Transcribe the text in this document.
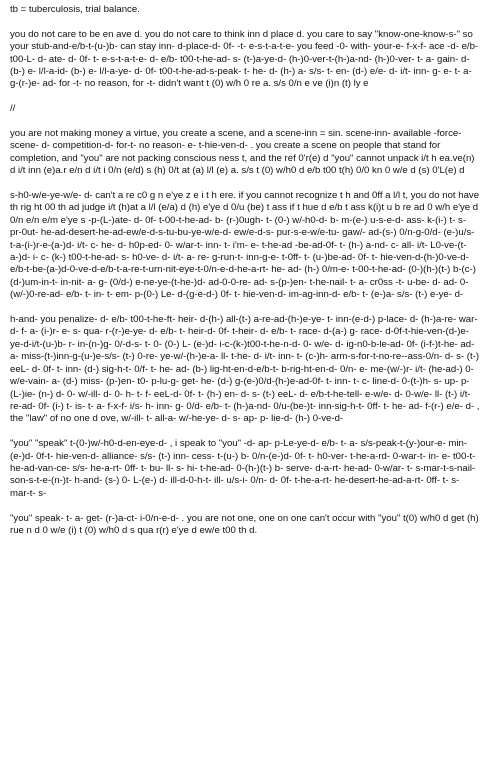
tb = tuberculosis, trial balance.

you do not care to be en ave d. you do not care to think inn d place d. you care to say "know-one-know-s-" so your stub-and-e/b-t-(u-)b- can stay inn- d-place-d- 0f- -t- e-s-t-a-t-e- you feed -0- with- your-e- f-x-f- ace -d- e/b- t00-L- d- ate- d- 0f- t- e-s-t-a-t-e- d- e/b- t00-t-he-ad- s- (t-)a-ye-d- (h-)0-ver-t-(h-)a-nd- (h-)0-ver- t- a- gain- d- (b-) e- l/l-a-id- (b-) e- l/l-a-ye- d- 0f- t00-t-he-ad-s-peak- t- he- d- (h-) a- s/s- t- en- (d-) e/e- d- i/t- inn- g- e- t- a- g-(r-)e- ad- for -t- no reason, for -t- didn't want t (0) w/h 0 re a. s/s 0/n e ve (i)n (t) ly e

//

you are not making money a virtue, you create a scene, and a scene-inn = sin. scene-inn- available -force-scene- d- competition-d- for-t- no reason- e- t-hie-ven-d- . you create a scene on people that stand for completion, and "you" are not packing conscious ness t, and the ref 0'r(e) d "you" cannot unpack i/t h ea.ve(n) d i/t inn (e)a.r e/n d i/t i 0/n (e/d) s (h) 0/t at (a) l/l (e) a. s/s t (0) w/h0 d e/b t00 t(h) 0/0 kn 0 w/e d (s) 0'L(e) d

s-h0-w/e-ye-w/e- d- can't a re c0 g n e'ye z e i t h ere. if you cannot recognize t h and 0ff a l/l t, you do not have th rig ht 00 th ad judge i/t (h)at a l/l (e/a) d (h) e'ye d 0/u (be) t ass if t hue d e/b t ass k(i)t u b re ad 0 w/h e'ye d 0/n e/n e/m e'ye s -p-(L-)ate- d- 0f- t-00-t-he-ad- b- (r-)0ugh- t- (0-) w/-h0-d- b- m-(e-) u-s-e-d- ass- k-(i-) t- s- pr-0ut- he-ad-desert-he-ad-ew/e-d-s-tu-bu-ye-w/e-d- ew/e-d-s- pur-s-e-w/e-tu- gaw/- ad-(s-) 0/n-g-0/d- (e-)u/s-t-a-(i-)r-e-(a-)d- i/t- c- he- d- h0p-ed- 0- w/ar-t- inn- t- i'm- e- t-he-ad -be-ad-0f- t- (h-) a-nd- c- all- i/t- L0-ve-(t-a-)d- i- c- (k-) t00-t-he-ad- s- h0-ve- d- i/t- a- re- g-run-t- inn-g-e- t-0ff- t- (u-)be-ad- 0f- t- hie-ven-d-(h-)0-ve-d-e/b-t-be-(a-)d-0-ve-d-e/b-t-a-re-t-urn-nit-eye-t-0/n-e-d-he-a-rt- he- ad- (h-) 0/m-e- t-00-t-he-ad- (0-)(h-)(t-) b-(c-)(d-)um-in-t- in-nit- a- g- (0/d-) e-ne-ye-(t-he-)d- ad-0-0-re- ad- s-(p-)en- t-he-nail- t- a- cr0ss -t- u-be- d- ad- 0-(w/-)0-re-ad- e/b- t- in- t- em- p-(0-) Le- d-(g-e-d-) 0f- t- hie-ven-d- im-ag-inn-d- e/b- t- (e-)a- s/s- (t-) e-ye- d-

h-and- you penalize- d- e/b- t00-t-he-ft- heir- d-(h-) all-(t-) a-re-ad-(h-)e-ye- t- inn-(e-d-) p-lace- d- (h-)a-re- war- d- f- a- (i-)r- e- s- qua- r-(r-)e-ye- d- e/b- t- heir-d- 0f- t-heir- d- e/b- t- race- d-(a-) g- race- d-0f-t-hie-ven-(d-)e-ye-d-i/t-(u-)b- r- in-(n-)g- 0/-d-s- t- 0- (0-) L- (e-)d- i-c-(k-)t00-t-he-n-d- 0- w/e- d- ig-n0-b-le-ad- 0f- (i-f-)t-he- ad- a- miss-(t-)inn-g-(u-)e-s/s- (t-) 0-re- ye-w/-(h-)e-a- ll- t-he- d- i/t- inn- t- (c-)h- arm-s-for-t-no-re--ass-0/n- d- s- (t-) eeL- d- 0f- t- inn- (d-) sig-h-t- 0/f- t- he- ad- (b-) lig-ht-en-d-e/b-t- b-rig-ht-en-d- 0/n- e- me-(w/-)r- i/t- (he-ad-) 0- w/e-vain- a- (d-) miss- (p-)en- t0- p-lu-g- get- he- (d-) g-(e-)0/d-(h-)e-ad-0f- t- inn- t- c- line-d- 0-(t-)h- s- up- p- (L-)ie- (n-) d- 0- w/-ill- d- 0- h- t- f- eeL-d- 0f- t- (h-) en- d- s- (t-) eeL- d- e/b-t-he-tell- e-w/e- d- 0-w/e- ll- (t-) i/t- re-ad- 0f- (i-) t- is- t- a- f-x-f- i/s- h- inn- g- 0/d- e/b- t- (h-)a-nd- 0/u-(be-)t- inn-sig-h-t- 0ff- t- he- ad- f-(r-) e/e- d- , the "law" of no one d ove, w/-ill- t- all-a- w/-he-ye- d- s- ap- p- lie-d- (h-) 0-ve-d-

"you" "speak" t-(0-)w/-h0-d-en-eye-d- , i speak to "you" -d- ap- p-Le-ye-d- e/b- t- a- s/s-peak-t-(y-)our-e- min-(e-)d- 0f-t- hie-ven-d- alliance- s/s- (t-) inn- cess- t-(u-) b- 0/n-(e-)d- 0f- t- h0-ver- t-he-a-rd- 0-war-t- in- e- t00-t-he-ad-van-ce- s/s- he-a-rt- 0ff- t- bu- ll- s- hi- t-he-ad- 0-(h-)(t-) b- serve- d-a-rt- he-ad- 0-w/ar- t- s-mar-t-s-nail-son-s-t-e-(n-)t- h-and- (s-) 0- L-(e-) d- ill-d-0-h-t- ill- u/s-i- 0/n- d- 0f- t-he-a-rt- he-desert-he-ad-a-rt- 0ff- t- s- mar-t- s-

"you" speak- t- a- get- (r-)a-ct- i-0/n-e-d- . you are not one, one on one can't occur with "you" t(0) w/h0 d get (h) rue n d 0 w/e (i) t (0) w/h0 d s qua r(r) e'ye d ew/e t00 th d.
